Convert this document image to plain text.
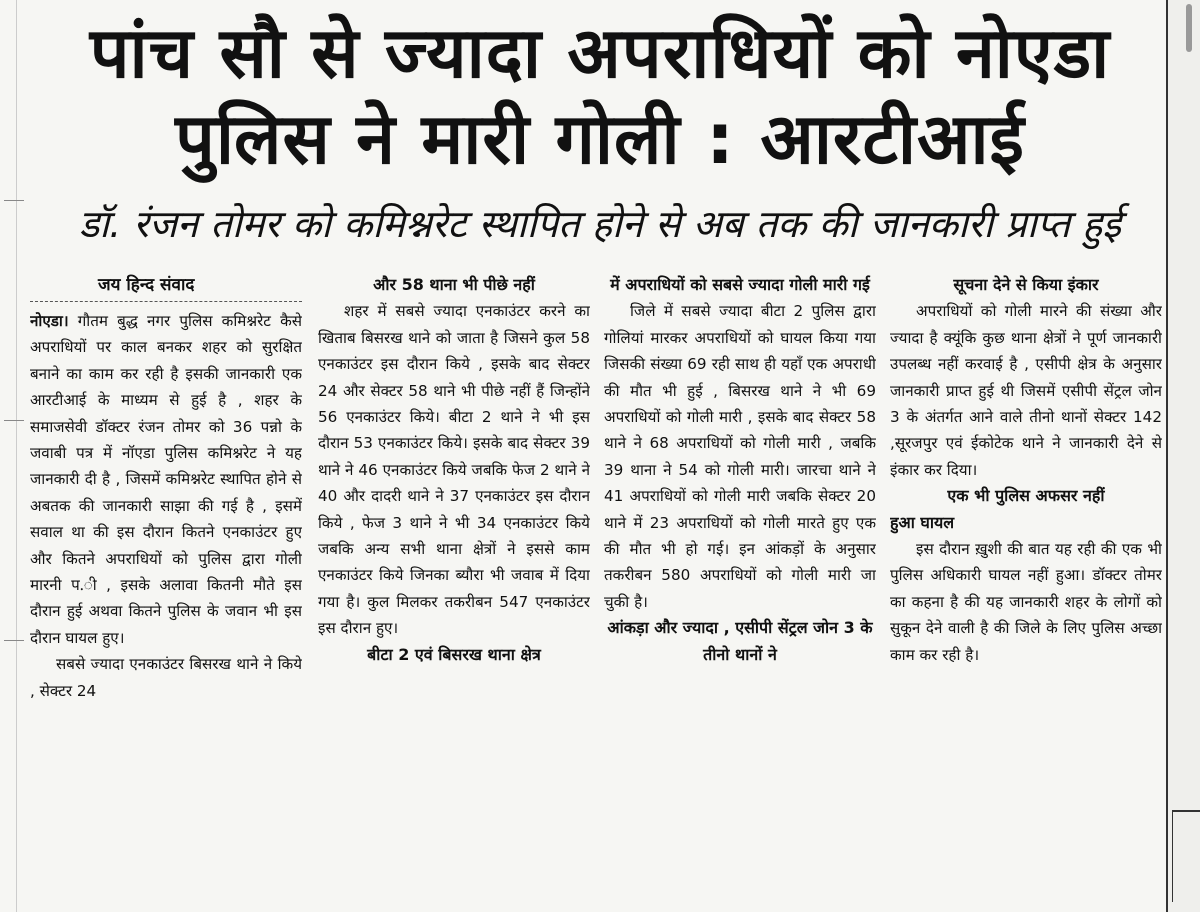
पांच सौ से ज्यादा अपराधियों को नोएडा
पुलिस ने मारी गोली : आरटीआई
डॉ. रंजन तोमर को कमिश्नरेट स्थापित होने से अब तक की जानकारी प्राप्त हुई
जय हिन्द संवाद

नोएडा। गौतम बुद्ध नगर पुलिस कमिश्नरेट कैसे अपराधियों पर काल बनकर शहर को सुरक्षित बनाने का काम कर रही है इसकी जानकारी एक आरटीआई के माध्यम से हुई है , शहर के समाजसेवी डॉक्टर रंजन तोमर को 36 पन्नो के जवाबी पत्र में नॉएडा पुलिस कमिश्नरेट ने यह जानकारी दी है , जिसमें कमिश्नरेट स्थापित होने से अबतक की जानकारी साझा की गई है , इसमें सवाल था की इस दौरान कितने एनकाउंटर हुए और कितने अपराधियों को पुलिस द्वारा गोली मारनी प.ी , इसके अलावा कितनी मौते इस दौरान हुई अथवा कितने पुलिस के जवान भी इस दौरान घायल हुए।

सबसे ज्यादा एनकाउंटर बिसरख थाने ने किये , सेक्टर 24

और 58 थाना भी पीछे नहीं

शहर में सबसे ज्यादा एनकाउंटर करने का खिताब बिसरख थाने को जाता है जिसने कुल 58 एनकाउंटर इस दौरान किये , इसके बाद सेक्टर 24 और सेक्टर 58 थाने भी पीछे नहीं हैं जिन्होंने 56 एनकाउंटर किये। बीटा 2 थाने ने भी इस दौरान 53 एनकाउंटर किये। इसके बाद सेक्टर 39 थाने ने 46 एनकाउंटर किये जबकि फेज 2 थाने ने 40 और दादरी थाने ने 37 एनकाउंटर इस दौरान किये , फेज 3 थाने ने भी 34 एनकाउंटर किये जबकि अन्य सभी थाना क्षेत्रों ने इससे काम एनकाउंटर किये जिनका ब्यौरा भी जवाब में दिया गया है। कुल मिलकर तकरीबन 547 एनकाउंटर इस दौरान हुए।

बीटा 2 एवं बिसरख थाना क्षेत्र

में अपराधियों को सबसे ज्यादा गोली मारी गई

जिले में सबसे ज्यादा बीटा 2 पुलिस द्वारा गोलियां मारकर अपराधियों को घायल किया गया जिसकी संख्या 69 रही साथ ही यहाँ एक अपराधी की मौत भी हुई , बिसरख थाने ने भी 69 अपराधियों को गोली मारी , इसके बाद सेक्टर 58 थाने ने 68 अपराधियों को गोली मारी , जबकि 39 थाना ने 54 को गोली मारी। जारचा थाने ने 41 अपराधियों को गोली मारी जबकि सेक्टर 20 थाने में 23 अपराधियों को गोली मारते हुए एक की मौत भी हो गई। इन आंकड़ों के अनुसार तकरीबन 580 अपराधियों को गोली मारी जा चुकी है।

आंकड़ा और ज्यादा , एसीपी सेंट्रल जोन 3 के तीनो थानों ने

सूचना देने से किया इंकार

अपराधियों को गोली मारने की संख्या और ज्यादा है क्यूंकि कुछ थाना क्षेत्रों ने पूर्ण जानकारी उपलब्ध नहीं करवाई है , एसीपी क्षेत्र के अनुसार जानकारी प्राप्त हुई थी जिसमें एसीपी सेंट्रल जोन 3 के अंतर्गत आने वाले तीनो थानों सेक्टर 142 ,सूरजपुर एवं ईकोटेक थाने ने जानकारी देने से इंकार कर दिया।

एक भी पुलिस अफसर नहीं

हुआ घायल

इस दौरान ख़ुशी की बात यह रही की एक भी पुलिस अधिकारी घायल नहीं हुआ। डॉक्टर तोमर का कहना है की यह जानकारी शहर के लोगों को सुकून देने वाली है की जिले के लिए पुलिस अच्छा काम कर रही है।
